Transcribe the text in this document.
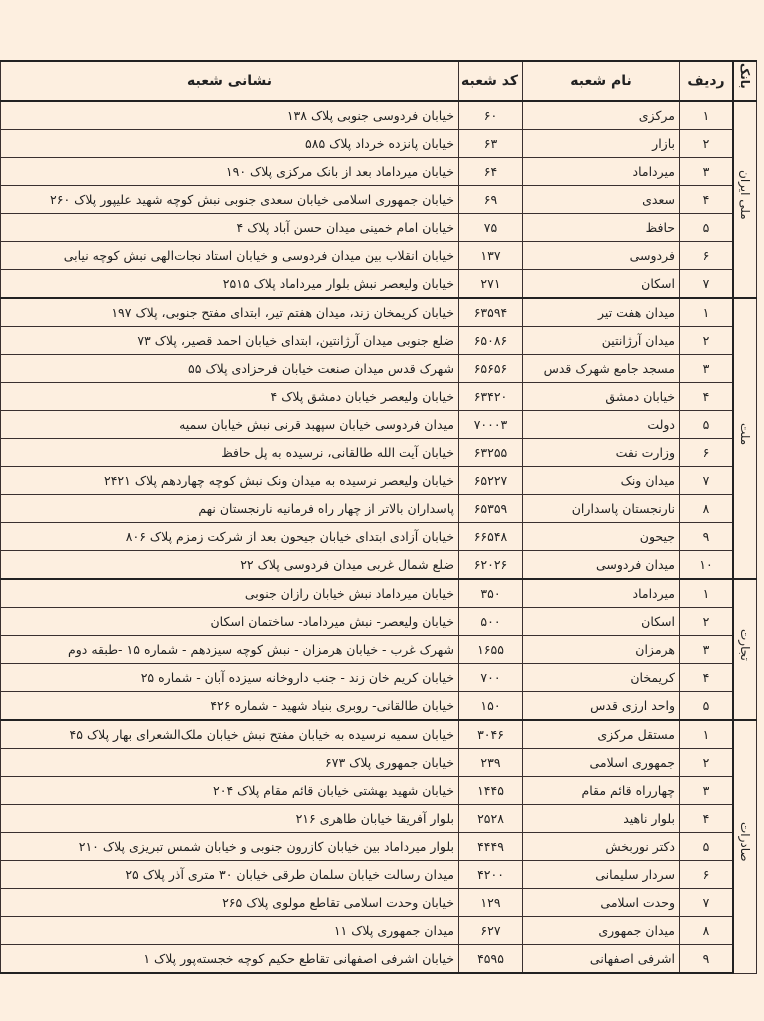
بانک	ردیف	نام شعبه	کد شعبه	نشانی شعبه
ملی ایران	۱	مرکزی	۶۰	خیابان فردوسی جنوبی پلاک ۱۳۸
	۲	بازار	۶۳	خیابان پانزده خرداد پلاک ۵۸۵
	۳	میرداماد	۶۴	خیابان میرداماد بعد از بانک مرکزی پلاک ۱۹۰
	۴	سعدی	۶۹	خیابان جمهوری اسلامی خیابان سعدی جنوبی نبش کوچه شهید علیپور پلاک ۲۶۰
	۵	حافظ	۷۵	خیابان امام خمینی میدان حسن آباد پلاک ۴
	۶	فردوسی	۱۳۷	خیابان انقلاب بین میدان فردوسی و خیابان استاد نجات‌الهی نبش کوچه نیابی
	۷	اسکان	۲۷۱	خیابان ولیعصر نبش بلوار میرداماد پلاک ۲۵۱۵
ملت	۱	میدان هفت تیر	۶۳۵۹۴	خیابان کریمخان زند، میدان هفتم تیر، ابتدای مفتح جنوبی، پلاک ۱۹۷
	۲	میدان آرژانتین	۶۵۰۸۶	ضلع جنوبی میدان آرژانتین، ابتدای خیابان احمد قصیر، پلاک ۷۳
	۳	مسجد جامع شهرک قدس	۶۵۶۵۶	شهرک قدس میدان صنعت خیابان فرحزادی پلاک ۵۵
	۴	خیابان دمشق	۶۳۴۲۰	خیابان ولیعصر خیابان دمشق پلاک ۴
	۵	دولت	۷۰۰۰۳	میدان فردوسی خیابان سپهبد قرنی نبش خیابان سمیه
	۶	وزارت نفت	۶۳۲۵۵	خیابان آیت الله طالقانی، نرسیده به پل حافظ
	۷	میدان ونک	۶۵۲۲۷	خیابان ولیعصر نرسیده به میدان ونک نبش کوچه چهاردهم پلاک ۲۴۲۱
	۸	نارنجستان پاسداران	۶۵۳۵۹	پاسداران بالاتر از چهار راه فرمانیه نارنجستان نهم
	۹	جیحون	۶۶۵۴۸	خیابان آزادی ابتدای خیابان جیحون بعد از شرکت زمزم پلاک ۸۰۶
	۱۰	میدان فردوسی	۶۲۰۲۶	ضلع شمال غربی میدان فردوسی پلاک ۲۲
تجارت	۱	میرداماد	۳۵۰	خیابان میرداماد نبش خیابان رازان جنوبی
	۲	اسکان	۵۰۰	خیابان ولیعصر- نبش میرداماد- ساختمان اسکان
	۳	هرمزان	۱۶۵۵	شهرک غرب - خیابان هرمزان - نبش کوچه سیزدهم - شماره ۱۵ -طبقه دوم
	۴	کریمخان	۷۰۰	خیابان کریم خان زند - جنب داروخانه سیزده آبان - شماره ۲۵
	۵	واحد ارزی قدس	۱۵۰	خیابان طالقانی- روبری بنیاد شهید - شماره ۴۲۶
صادرات	۱	مستقل مرکزی	۳۰۴۶	خیابان سمیه نرسیده به خیابان مفتح نبش خیابان ملک‌الشعرای بهار پلاک ۴۵
	۲	جمهوری اسلامی	۲۳۹	خیابان جمهوری پلاک ۶۷۳
	۳	چهارراه قائم مقام	۱۴۴۵	خیابان شهید بهشتی خیابان قائم مقام پلاک ۲۰۴
	۴	بلوار ناهید	۲۵۲۸	بلوار آفریقا خیابان طاهری ۲۱۶
	۵	دکتر نوربخش	۴۴۴۹	بلوار میرداماد بین خیابان کازرون جنوبی و خیابان شمس تبریزی پلاک ۲۱۰
	۶	سردار سلیمانی	۴۲۰۰	میدان رسالت خیابان سلمان طرقی خیابان ۳۰ متری آذر پلاک ۲۵
	۷	وحدت اسلامی	۱۲۹	خیابان وحدت اسلامی تقاطع مولوی پلاک ۲۶۵
	۸	میدان جمهوری	۶۲۷	میدان جمهوری پلاک ۱۱
	۹	اشرفی اصفهانی	۴۵۹۵	خیابان اشرفی اصفهانی تقاطع حکیم کوچه خجسته‌پور پلاک ۱
